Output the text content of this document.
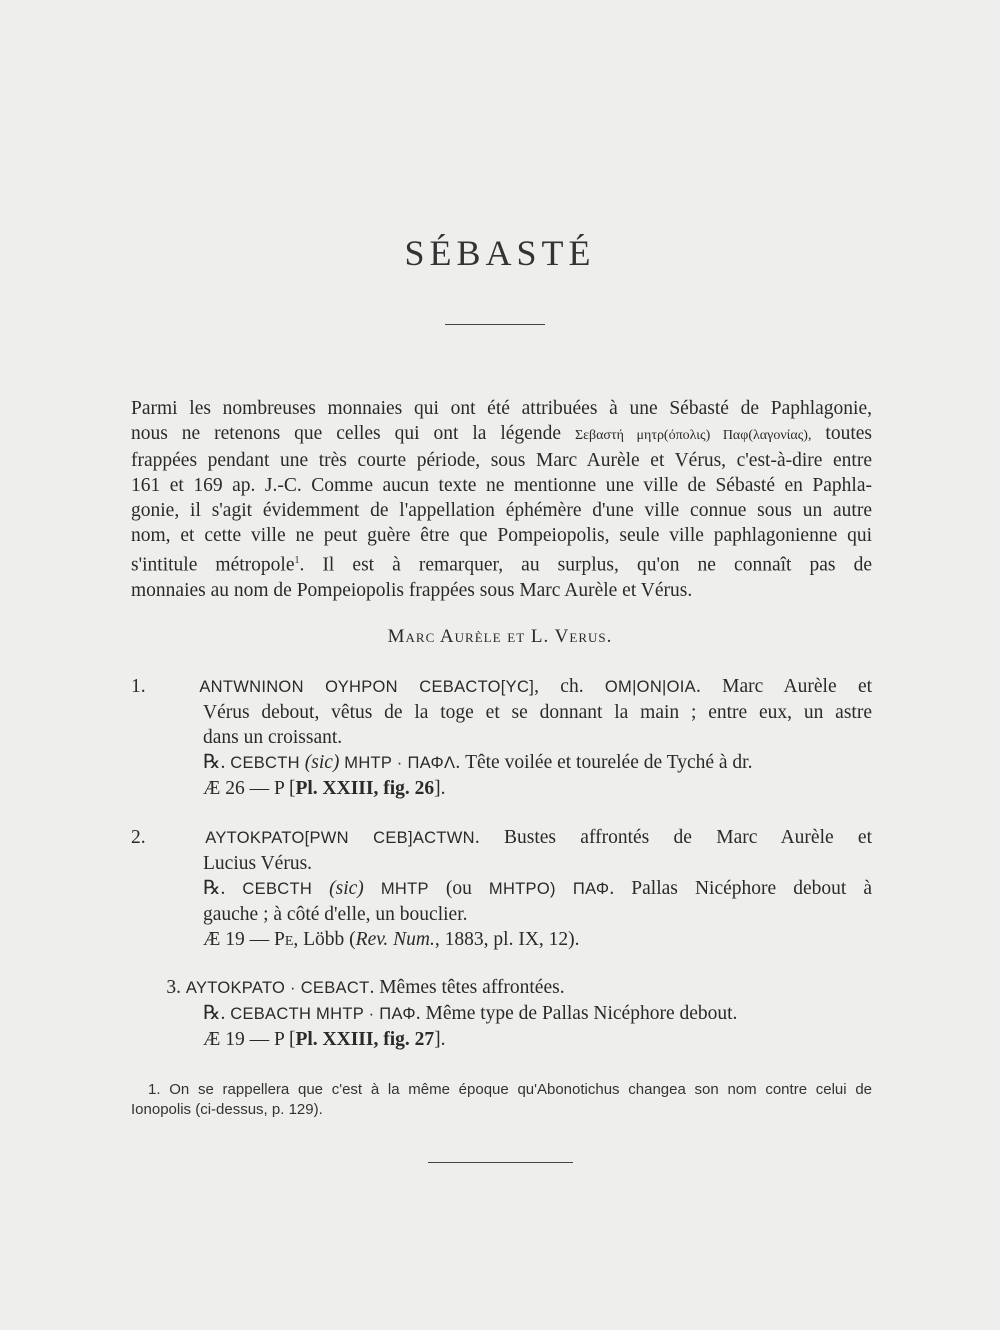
SÉBASTÉ
Parmi les nombreuses monnaies qui ont été attribuées à une Sébasté de Paphlagonie,
nous ne retenons que celles qui ont la légende Σεβαστή μητρ(όπολις) Παφ(λαγονίας), toutes
frappées pendant une très courte période, sous Marc Aurèle et Vérus, c'est-à-dire entre
161 et 169 ap. J.-C. Comme aucun texte ne mentionne une ville de Sébasté en Paphla-
gonie, il s'agit évidemment de l'appellation éphémère d'une ville connue sous un autre
nom, et cette ville ne peut guère être que Pompeiopolis, seule ville paphlagonienne qui
s'intitule métropole$^1$. Il est à remarquer, au surplus, qu'on ne connaît pas de
monnaies au nom de Pompeiopolis frappées sous Marc Aurèle et Vérus.
Marc Aurèle et L. Verus.
1.	ΑΝΤWΝΙΝΟΝ ΟΥΗΡΟΝ CΕΒΑCΤΟ[YC], ch. ΟΜ|ΟΝ|ΟΙΑ. Marc Aurèle et
Vérus debout, vêtus de la toge et se donnant la main ; entre eux, un astre
dans un croissant.
℞. CΕΒCΤΗ (sic) ΜΗΤΡ · ΠΑΦΛ. Tête voilée et tourelée de Tyché à dr.
Æ 26 — P [Pl. XXIII, fig. 26].
2.	ΑΥΤΟΚΡΑΤΟ[ΡWΝ CΕΒ]ΑCΤWΝ. Bustes affrontés de Marc Aurèle et
Lucius Vérus.
℞. CΕΒCΤΗ (sic) ΜΗΤΡ (ou ΜΗΤΡΟ) ΠΑΦ. Pallas Nicéphore debout à
gauche ; à côté d'elle, un bouclier.
Æ 19 — Pe, Löbb (Rev. Num., 1883, pl. IX, 12).
3. ΑΥΤΟΚΡΑΤΟ · CΕΒΑCΤ. Mêmes têtes affrontées.
℞. CΕΒΑCΤΗ ΜΗΤΡ · ΠΑΦ. Même type de Pallas Nicéphore debout.
Æ 19 — P [Pl. XXIII, fig. 27].
1. On se rappellera que c'est à la même époque qu'Abonotichus changea son nom contre celui de
Ionopolis (ci-dessus, p. 129).
